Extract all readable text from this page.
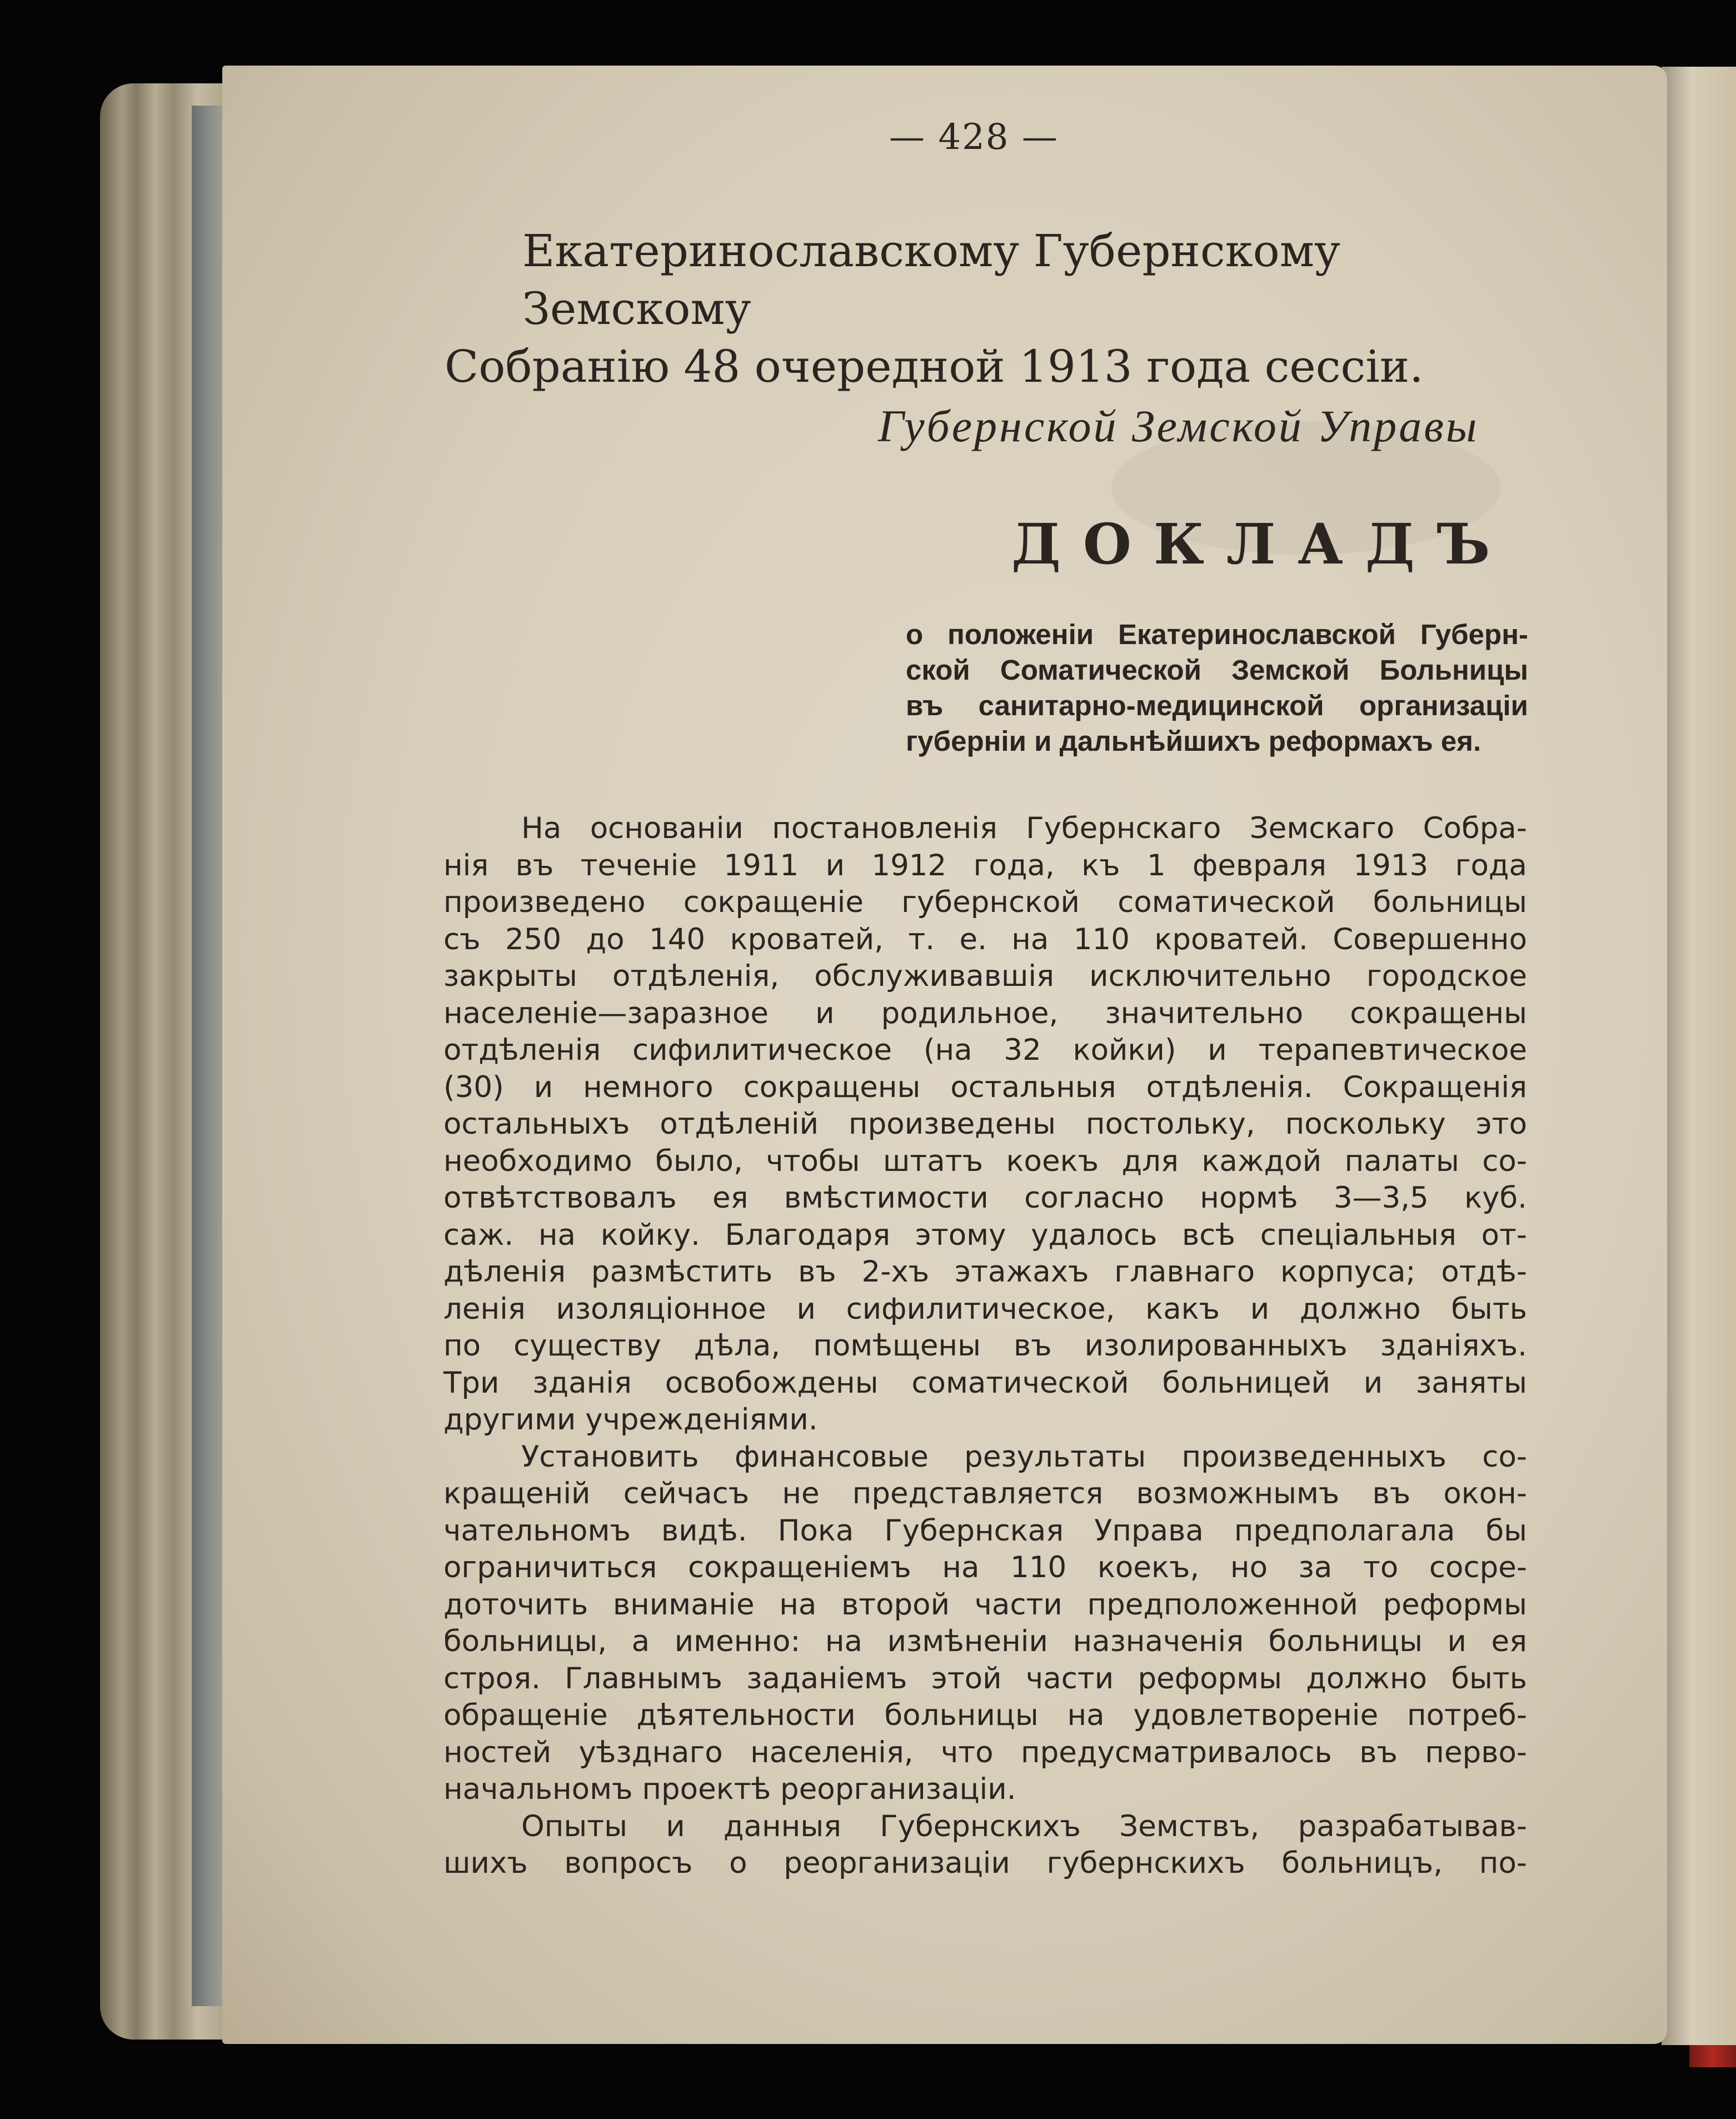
— 428 —
Екатеринославскому Губернскому Земскому
Собранію 48 очередной 1913 года сессіи.
Губернской Земской Управы
ДОКЛАДЪ
о положеніи Екатеринославской Губерн-
ской Соматической Земской Больницы
въ санитарно-медицинской организаціи
губерніи и дальнѣйшихъ реформахъ ея.
На основаніи постановленія Губернскаго Земскаго Собра-
нія въ теченіе 1911 и 1912 года, къ 1 февраля 1913 года
произведено сокращеніе губернской соматической больницы
съ 250 до 140 кроватей, т. е. на 110 кроватей. Совершенно
закрыты отдѣленія, обслуживавшія исключительно городское
населеніе—заразное и родильное, значительно сокращены
отдѣленія сифилитическое (на 32 койки) и терапевтическое
(30) и немного сокращены остальныя отдѣленія. Сокращенія
остальныхъ отдѣленій произведены постольку, поскольку это
необходимо было, чтобы штатъ коекъ для каждой палаты со-
отвѣтствовалъ ея вмѣстимости согласно нормѣ 3—3,5 куб.
саж. на койку. Благодаря этому удалось всѣ спеціальныя от-
дѣленія размѣстить въ 2-хъ этажахъ главнаго корпуса; отдѣ-
ленія изоляціонное и сифилитическое, какъ и должно быть
по существу дѣла, помѣщены въ изолированныхъ зданіяхъ.
Три зданія освобождены соматической больницей и заняты
другими учрежденіями.
Установить финансовые результаты произведенныхъ со-
кращеній сейчасъ не представляется возможнымъ въ окон-
чательномъ видѣ. Пока Губернская Управа предполагала бы
ограничиться сокращеніемъ на 110 коекъ, но за то сосре-
доточить вниманіе на второй части предположенной реформы
больницы, а именно: на измѣненіи назначенія больницы и ея
строя. Главнымъ заданіемъ этой части реформы должно быть
обращеніе дѣятельности больницы на удовлетвореніе потреб-
ностей уѣзднаго населенія, что предусматривалось въ перво-
начальномъ проектѣ реорганизаціи.
Опыты и данныя Губернскихъ Земствъ, разрабатывав-
шихъ вопросъ о реорганизаціи губернскихъ больницъ, по-
